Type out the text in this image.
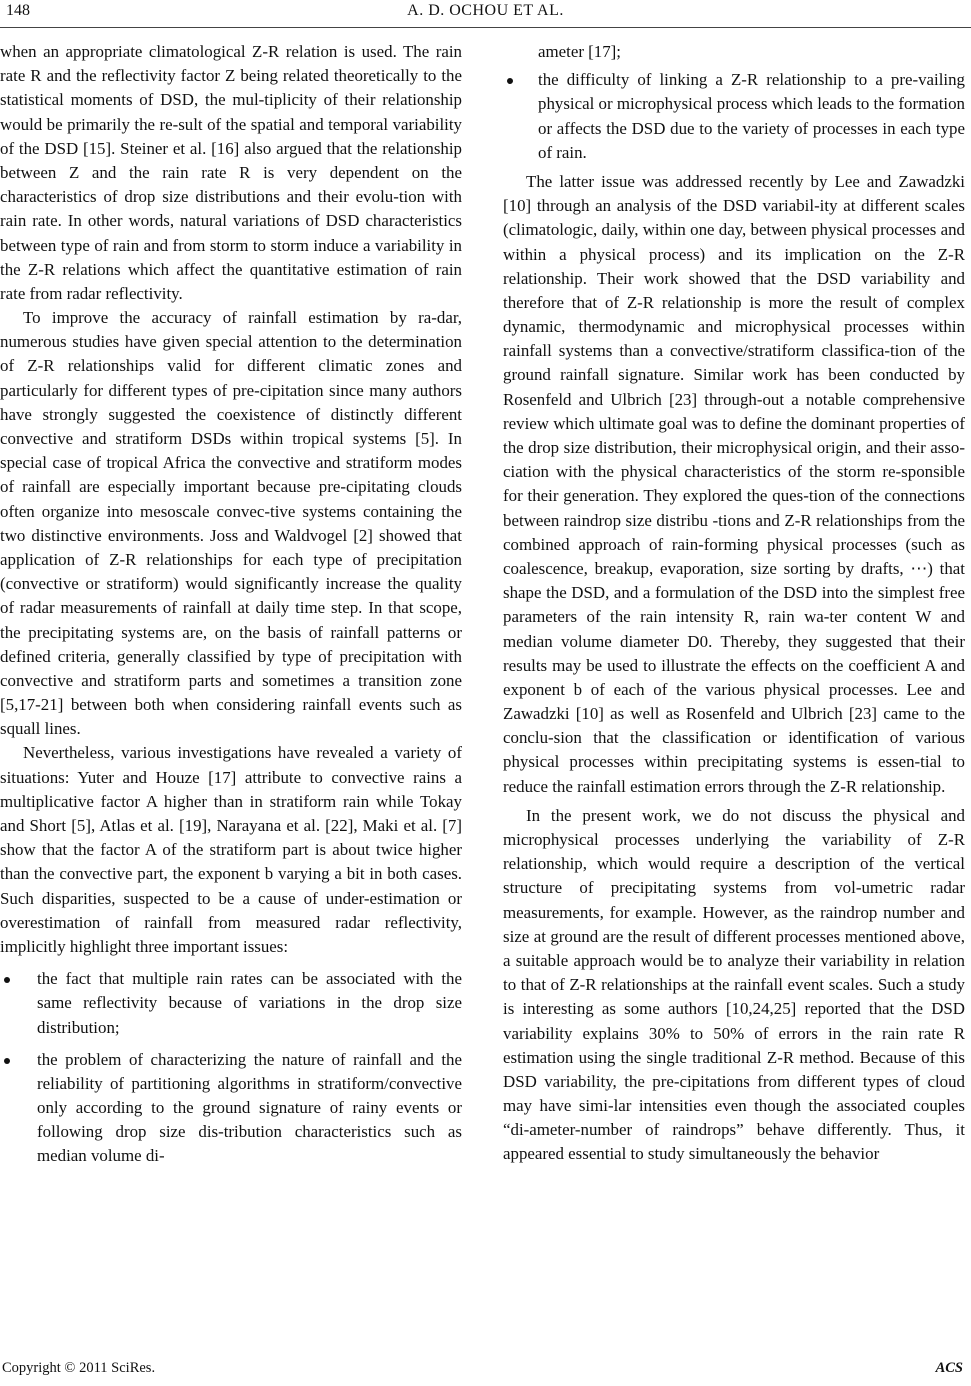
148	A. D. OCHOU ET AL.

when an appropriate climatological Z-R relation is used. The rain rate R and the reflectivity factor Z being related theoretically to the statistical moments of DSD, the mul-tiplicity of their relationship would be primarily the re-sult of the spatial and temporal variability of the DSD [15]. Steiner et al. [16] also argued that the relationship between Z and the rain rate R is very dependent on the characteristics of drop size distributions and their evolu-tion with rain rate. In other words, natural variations of DSD characteristics between type of rain and from storm to storm induce a variability in the Z-R relations which affect the quantitative estimation of rain rate from radar reflectivity.

To improve the accuracy of rainfall estimation by ra-dar, numerous studies have given special attention to the determination of Z-R relationships valid for different climatic zones and particularly for different types of pre-cipitation since many authors have strongly suggested the coexistence of distinctly different convective and stratiform DSDs within tropical systems [5]. In special case of tropical Africa the convective and stratiform modes of rainfall are especially important because pre-cipitating clouds often organize into mesoscale convec-tive systems containing the two distinctive environments. Joss and Waldvogel [2] showed that application of Z-R relationships for each type of precipitation (convective or stratiform) would significantly increase the quality of radar measurements of rainfall at daily time step. In that scope, the precipitating systems are, on the basis of rainfall patterns or defined criteria, generally classified by type of precipitation with convective and stratiform parts and sometimes a transition zone [5,17-21] between both when considering rainfall events such as squall lines.

Nevertheless, various investigations have revealed a variety of situations: Yuter and Houze [17] attribute to convective rains a multiplicative factor A higher than in stratiform rain while Tokay and Short [5], Atlas et al. [19], Narayana et al. [22], Maki et al. [7] show that the factor A of the stratiform part is about twice higher than the convective part, the exponent b varying a bit in both cases. Such disparities, suspected to be a cause of under-estimation or overestimation of rainfall from measured radar reflectivity, implicitly highlight three important issues:

the fact that multiple rain rates can be associated with the same reflectivity because of variations in the drop size distribution;
the problem of characterizing the nature of rainfall and the reliability of partitioning algorithms in stratiform/convective only according to the ground signature of rainy events or following drop size dis-tribution characteristics such as median volume di-

ameter [17];

the difficulty of linking a Z-R relationship to a pre-vailing physical or microphysical process which leads to the formation or affects the DSD due to the variety of processes in each type of rain.

The latter issue was addressed recently by Lee and Zawadzki [10] through an analysis of the DSD variabil-ity at different scales (climatologic, daily, within one day, between physical processes and within a physical process) and its implication on the Z-R relationship. Their work showed that the DSD variability and therefore that of Z-R relationship is more the result of complex dynamic, thermodynamic and microphysical processes within rainfall systems than a convective/stratiform classifica-tion of the ground rainfall signature. Similar work has been conducted by Rosenfeld and Ulbrich [23] through-out a notable comprehensive review which ultimate goal was to define the dominant properties of the drop size distribution, their microphysical origin, and their asso-ciation with the physical characteristics of the storm re-sponsible for their generation. They explored the ques-tion of the connections between raindrop size distribu -tions and Z-R relationships from the combined approach of rain-forming physical processes (such as coalescence, breakup, evaporation, size sorting by drafts, ⋯) that shape the DSD, and a formulation of the DSD into the simplest free parameters of the rain intensity R, rain wa-ter content W and median volume diameter D0. Thereby, they suggested that their results may be used to illustrate the effects on the coefficient A and exponent b of each of the various physical processes. Lee and Zawadzki [10] as well as Rosenfeld and Ulbrich [23] came to the conclu-sion that the classification or identification of various physical processes within precipitating systems is essen-tial to reduce the rainfall estimation errors through the Z-R relationship.

In the present work, we do not discuss the physical and microphysical processes underlying the variability of Z-R relationship, which would require a description of the vertical structure of precipitating systems from vol-umetric radar measurements, for example. However, as the raindrop number and size at ground are the result of different processes mentioned above, a suitable approach would be to analyze their variability in relation to that of Z-R relationships at the rainfall event scales. Such a study is interesting as some authors [10,24,25] reported that the DSD variability explains 30% to 50% of errors in the rain rate R estimation using the single traditional Z-R method. Because of this DSD variability, the pre-cipitations from different types of cloud may have simi-lar intensities even though the associated couples “di-ameter-number of raindrops” behave differently. Thus, it appeared essential to study simultaneously the behavior

Copyright © 2011 SciRes.	ACS
